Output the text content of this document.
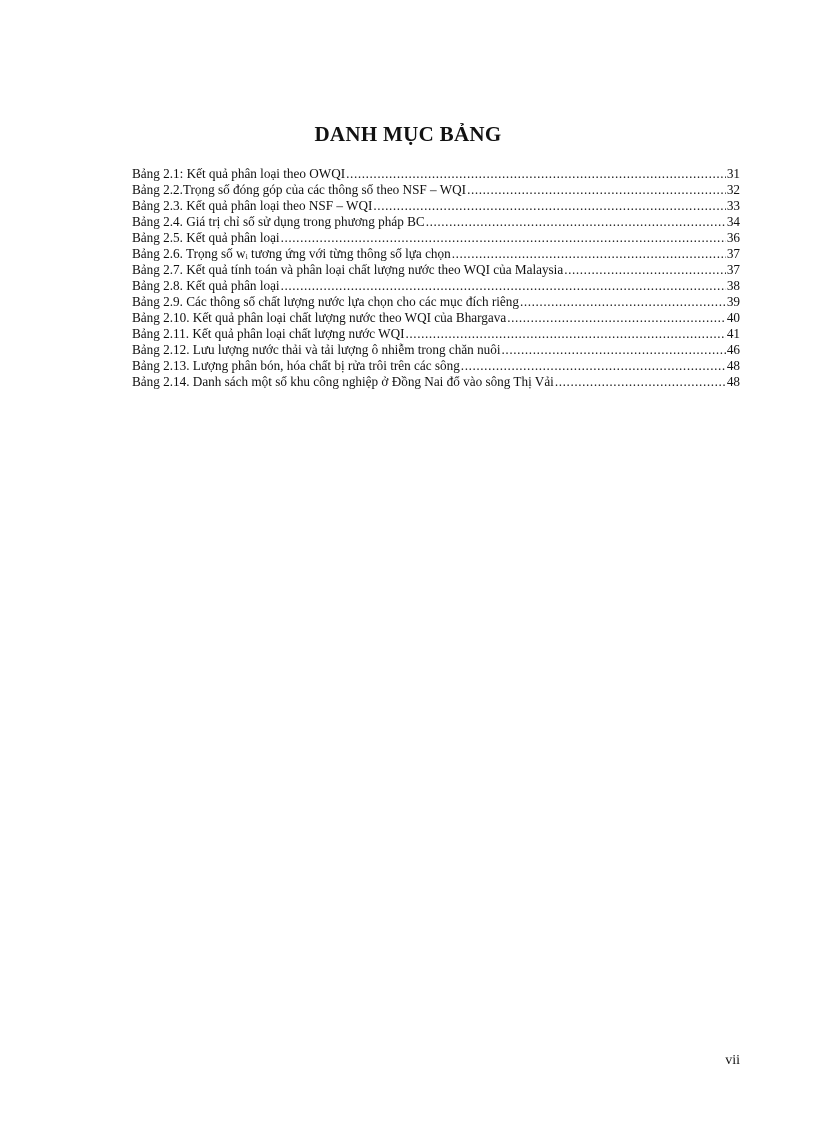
DANH MỤC BẢNG
Bảng 2.1: Kết quả phân loại theo OWQI .....	31
Bảng 2.2.Trọng số đóng góp của các thông số theo NSF – WQI .....	32
Bảng 2.3. Kết quả phân loại theo NSF – WQI .....	33
Bảng 2.4. Giá trị chỉ số sử dụng trong phương pháp BC .....	34
Bảng 2.5. Kết quả phân loại .....	36
Bảng 2.6. Trọng số wᵢ tương ứng với từng thông số lựa chọn .....	37
Bảng 2.7. Kết quả tính toán và phân loại chất lượng nước theo WQI của Malaysia .....	37
Bảng 2.8. Kết quả phân loại .....	38
Bảng 2.9. Các thông số chất lượng nước lựa chọn cho các mục đích riêng .....	39
Bảng 2.10. Kết quả phân loại chất lượng nước theo WQI của Bhargava .....	40
Bảng 2.11. Kết quả phân loại chất lượng nước WQI .....	41
Bảng 2.12. Lưu lượng nước thải và tải lượng ô nhiễm trong chăn nuôi .....	46
Bảng 2.13. Lượng phân bón, hóa chất bị rửa trôi trên các sông .....	48
Bảng 2.14. Danh sách một số khu công nghiệp ở Đồng Nai đổ vào sông Thị Vải .....	48
vii
